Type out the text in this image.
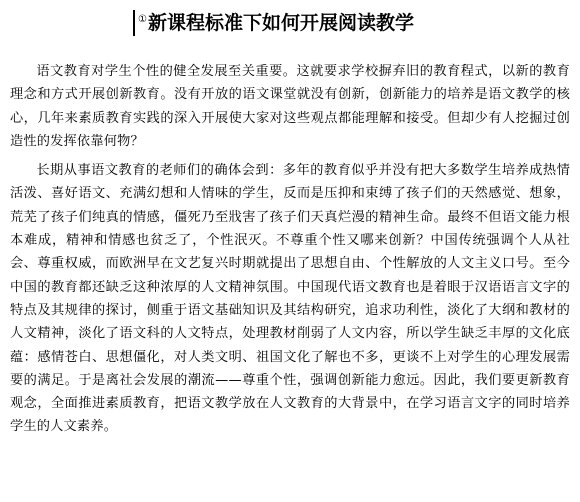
①新课程标准下如何开展阅读教学

语文教育对学生个性的健全发展至关重要。这就要求学校摒弃旧的教育程式，以新的教育理念和方式开展创新教育。没有开放的语文课堂就没有创新，创新能力的培养是语文教学的核心，几年来素质教育实践的深入开展使大家对这些观点都能理解和接受。但却少有人挖掘过创造性的发挥依靠何物？

长期从事语文教育的老师们的确体会到：多年的教育似乎并没有把大多数学生培养成热情活泼、喜好语文、充满幻想和人情味的学生，反而是压抑和束缚了孩子们的天然感觉、想象，荒芜了孩子们纯真的情感，僵死乃至戕害了孩子们天真烂漫的精神生命。最终不但语文能力根本难成，精神和情感也贫乏了，个性泯灭。不尊重个性又哪来创新？中国传统强调个人从社会、尊重权威，而欧洲早在文艺复兴时期就提出了思想自由、个性解放的人文主义口号。至今中国的教育都还缺乏这种浓厚的人文精神氛围。中国现代语文教育也是着眼于汉语语言文字的特点及其规律的探讨，侧重于语文基础知识及其结构研究，追求功利性，淡化了大纲和教材的人文精神，淡化了语文科的人文特点，处理教材削弱了人文内容，所以学生缺乏丰厚的文化底蕴：感情苍白、思想僵化，对人类文明、祖国文化了解也不多，更谈不上对学生的心理发展需要的满足。于是离社会发展的潮流——尊重个性，强调创新能力愈远。因此，我们要更新教育观念，全面推进素质教育，把语文教学放在人文教育的大背景中，在学习语言文字的同时培养学生的人文素养。
